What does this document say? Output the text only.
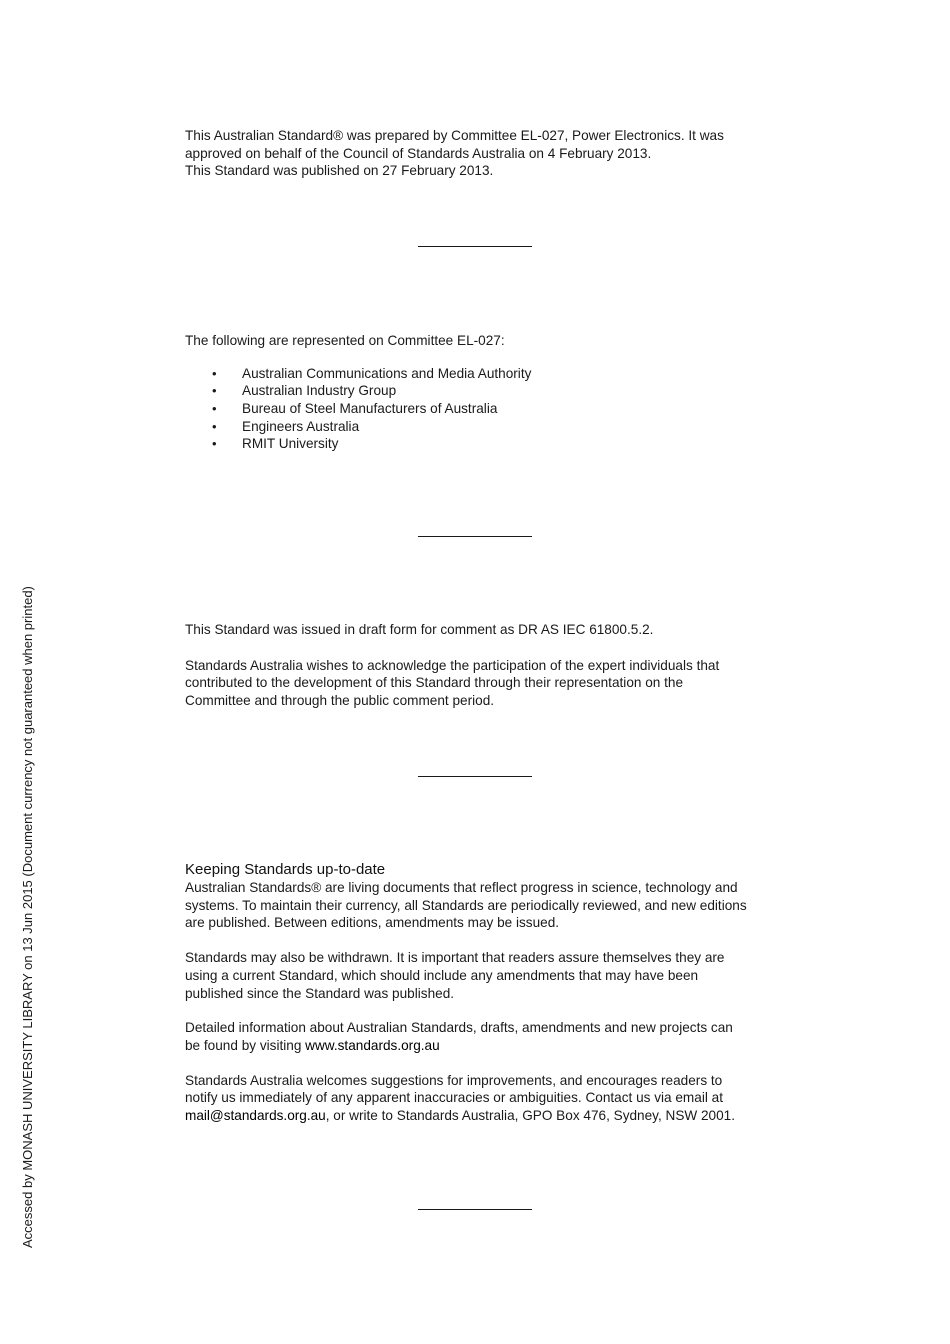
This Australian Standard® was prepared by Committee EL-027, Power Electronics. It was

approved on behalf of the Council of Standards Australia on 4 February 2013.

This Standard was published on 27 February 2013.

The following are represented on Committee EL-027:

• Australian Communications and Media Authority
• Australian Industry Group
• Bureau of Steel Manufacturers of Australia
• Engineers Australia
• RMIT University

This Standard was issued in draft form for comment as DR AS IEC 61800.5.2.

Standards Australia wishes to acknowledge the participation of the expert individuals that

contributed to the development of this Standard through their representation on the

Committee and through the public comment period.

Keeping Standards up-to-date

Australian Standards® are living documents that reflect progress in science, technology and

systems. To maintain their currency, all Standards are periodically reviewed, and new editions

are published. Between editions, amendments may be issued.

Standards may also be withdrawn. It is important that readers assure themselves they are

using a current Standard, which should include any amendments that may have been

published since the Standard was published.

Detailed information about Australian Standards, drafts, amendments and new projects can

be found by visiting www.standards.org.au

Standards Australia welcomes suggestions for improvements, and encourages readers to

notify us immediately of any apparent inaccuracies or ambiguities. Contact us via email at

mail@standards.org.au, or write to Standards Australia, GPO Box 476, Sydney, NSW 2001.

Accessed by MONASH UNIVERSITY LIBRARY on 13 Jun 2015 (Document currency not guaranteed when printed)
